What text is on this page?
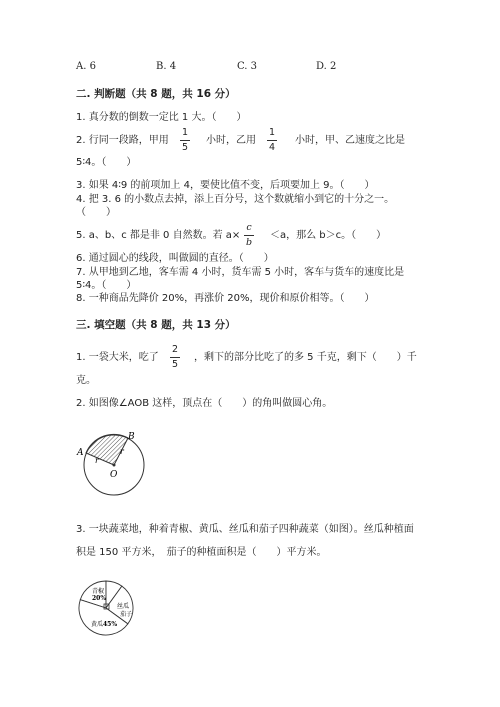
A. 6	B. 4	C. 3	D. 2
二. 判断题（共 8 题，共 16 分）
1. 真分数的倒数一定比 1 大。（　　）
2. 行同一段路，甲用
1
5
小时，乙用
1
4
小时，甲、乙速度之比是
5∶4。（　　）
3. 如果 4∶9 的前项加上 4，要使比值不变，后项要加上 9。（　　）
4. 把 3. 6 的小数点去掉，添上百分号，这个数就缩小到它的十分之一。
（　　）
5. a、b、c 都是非 0 自然数。若 a×
c
b
＜a，那么 b＞c。（　　）
6. 通过圆心的线段，叫做圆的直径。（　　）
7. 从甲地到乙地，客车需 4 小时，货车需 5 小时，客车与货车的速度比是
5∶4。（　　）
8. 一种商品先降价 20%，再涨价 20%，现价和原价相等。（　　）
三. 填空题（共 8 题，共 13 分）
1. 一袋大米，吃了
2
5
，剩下的部分比吃了的多 5 千克，剩下（　　）千
克。
2. 如图像∠AOB 这样，顶点在（　　）的角叫做圆心角。
A
B
O
r
r
3. 一块蔬菜地，种着青椒、黄瓜、丝瓜和茄子四种蔬菜（如图）。丝瓜种植面
积是 150 平方米，　茄子的种植面积是（　　）平方米。
青椒
20%
丝瓜
茄子
黄瓜 45%
